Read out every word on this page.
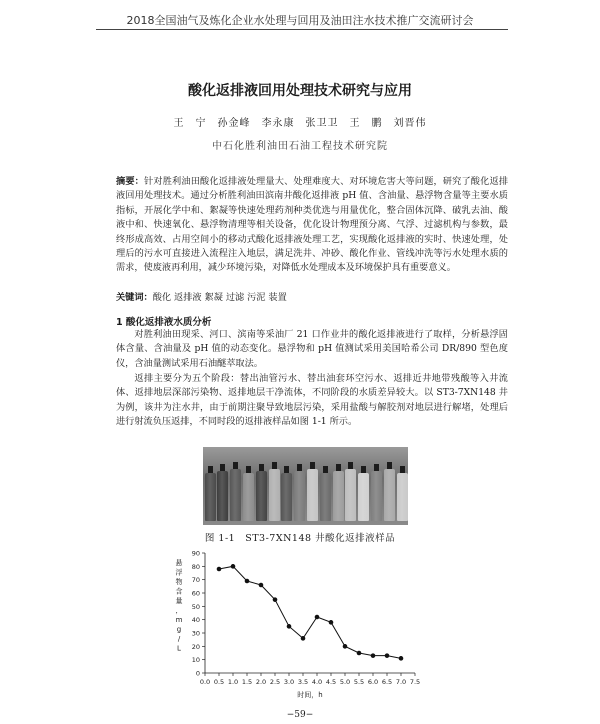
2018全国油气及炼化企业水处理与回用及油田注水技术推广交流研讨会
酸化返排液回用处理技术研究与应用
王　宁　孙金峰　李永康　张卫卫　王　鹏　刘晋伟
中石化胜利油田石油工程技术研究院
摘要：针对胜利油田酸化返排液处理量大、处理难度大、对环境危害大等问题，研究了酸化返排液回用处理技术。通过分析胜利油田滨南井酸化返排液 pH 值、含油量、悬浮物含量等主要水质指标，开展化学中和、絮凝等快速处理药剂种类优选与用量优化，整合固体沉降、破乳去油、酸液中和、快速氧化、悬浮物清理等相关设备，优化设计物理预分离、气浮、过滤机构与参数，最终形成高效、占用空间小的移动式酸化返排液处理工艺，实现酸化返排液的实时、快速处理，处理后的污水可直接进入流程注入地层，满足洗井、冲砂、酸化作业、管线冲洗等污水处理水质的需求，使废液再利用，减少环境污染，对降低水处理成本及环境保护具有重要意义。
关键词：酸化 返排液 絮凝 过滤 污泥 装置
1 酸化返排液水质分析
对胜利油田现采、河口、滨南等采油厂 21 口作业井的酸化返排液进行了取样，分析悬浮固体含量、含油量及 pH 值的动态变化。悬浮物和 pH 值测试采用美国哈希公司 DR/890 型色度仪，含油量测试采用石油醚萃取法。
返排主要分为五个阶段：替出油管污水、替出油套环空污水、返排近井地带残酸等入井流体、返排地层深部污染物、返排地层干净流体，不同阶段的水质差异较大。以 ST3-7XN148 井为例，该井为注水井，由于前期注聚导致地层污染，采用盐酸与解胶剂对地层进行解堵，处理后进行射流负压返排，不同时段的返排液样品如图 1-1 所示。
图 1-1　ST3-7XN148 井酸化返排液样品
0
10
20
30
40
50
60
70
80
90
0.0 0.5 1.0 1.5 2.0 2.5 3.0 3.5 4.0 4.5 5.0 5.5 6.0 6.5 7.0 7.5
时间，h
悬浮物含量， m g / L
−59−
